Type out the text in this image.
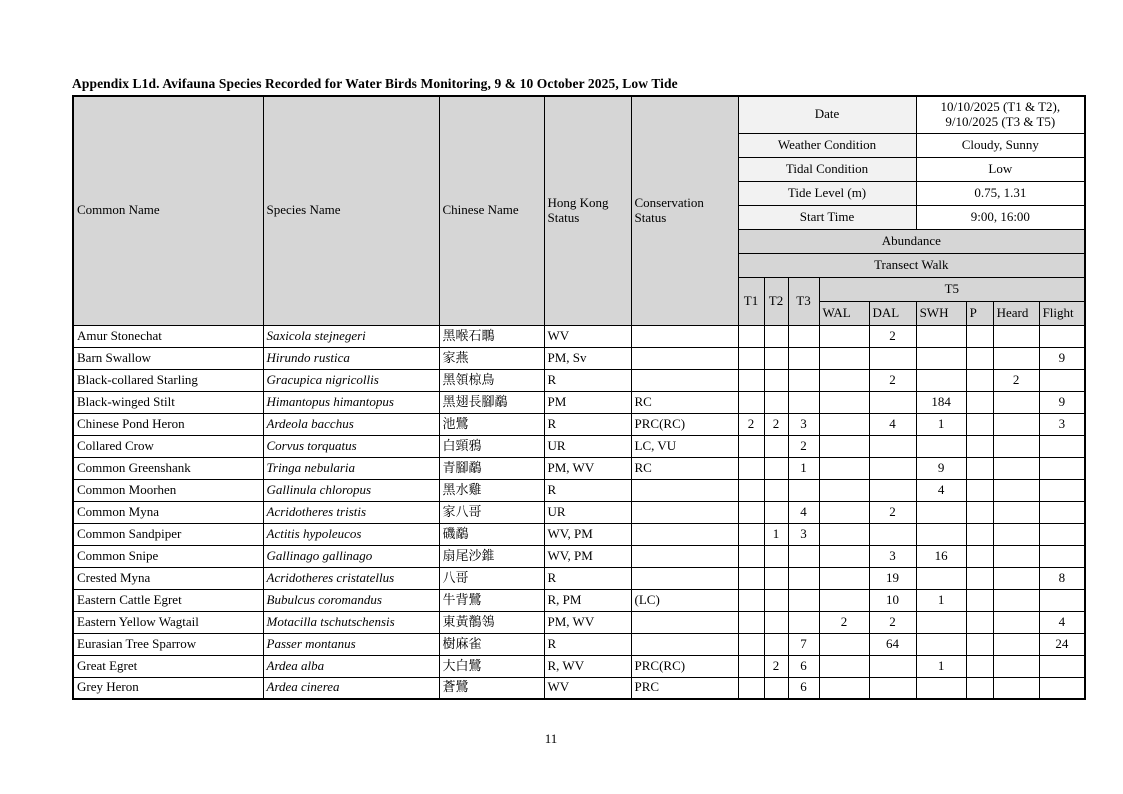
Appendix L1d. Avifauna Species Recorded for Water Birds Monitoring, 9 & 10 October 2025, Low Tide
Common Name	Species Name	Chinese Name	Hong Kong Status	Conservation Status	Date					10/10/2025 (T1 & T2), 9/10/2025 (T3 & T5)			
					Weather Condition					Cloudy, Sunny			
					Tidal Condition					Low			
					Tide Level (m)					0.75, 1.31			
					Start Time					9:00, 16:00			
					Abundance								
					Transect Walk								
					T1	T2	T3	T5					
								WAL	DAL	SWH	P	Heard	Flight
Amur Stonechat	Saxicola stejnegeri	黑喉石䳭	WV						2				
Barn Swallow	Hirundo rustica	家燕	PM, Sv										9
Black-collared Starling	Gracupica nigricollis	黑領椋鳥	R						2			2	
Black-winged Stilt	Himantopus himantopus	黑翅長腳鷸	PM	RC						184			9
Chinese Pond Heron	Ardeola bacchus	池鷺	R	PRC(RC)	2	2	3		4	1			3
Collared Crow	Corvus torquatus	白頸鴉	UR	LC, VU			2						
Common Greenshank	Tringa nebularia	青腳鷸	PM, WV	RC			1			9			
Common Moorhen	Gallinula chloropus	黑水雞	R							4			
Common Myna	Acridotheres tristis	家八哥	UR				4		2				
Common Sandpiper	Actitis hypoleucos	磯鷸	WV, PM			1	3						
Common Snipe	Gallinago gallinago	扇尾沙錐	WV, PM						3	16			
Crested Myna	Acridotheres cristatellus	八哥	R						19				8
Eastern Cattle Egret	Bubulcus coromandus	牛背鷺	R, PM	(LC)					10	1			
Eastern Yellow Wagtail	Motacilla tschutschensis	東黃鶺鴒	PM, WV					2	2				4
Eurasian Tree Sparrow	Passer montanus	樹麻雀	R				7		64				24
Great Egret	Ardea alba	大白鷺	R, WV	PRC(RC)		2	6			1			
Grey Heron	Ardea cinerea	蒼鷺	WV	PRC			6						
11
